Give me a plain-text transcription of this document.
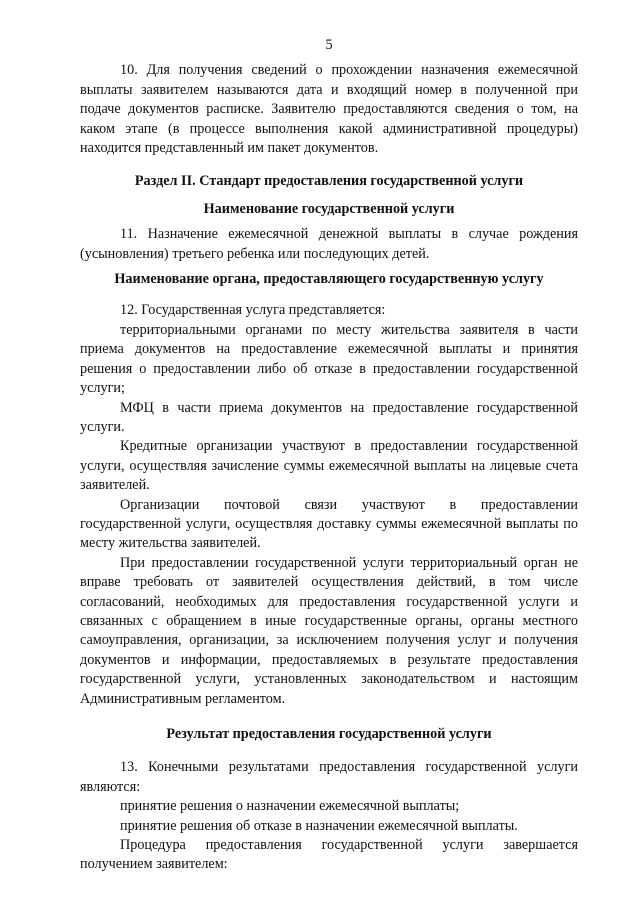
5

10. Для получения сведений о прохождении назначения ежемесячной выплаты заявителем называются дата и входящий номер в полученной при подаче документов расписке. Заявителю предоставляются сведения о том, на каком этапе (в процессе выполнения какой административной процедуры) находится представленный им пакет документов.

Раздел II. Стандарт предоставления государственной услуги

Наименование государственной услуги

11. Назначение ежемесячной денежной выплаты в случае рождения (усыновления) третьего ребенка или последующих детей.

Наименование органа, предоставляющего государственную услугу

12. Государственная услуга представляется:

территориальными органами по месту жительства заявителя в части приема документов на предоставление ежемесячной выплаты и принятия решения о предоставлении либо об отказе в предоставлении государственной услуги;

МФЦ в части приема документов на предоставление государственной услуги.

Кредитные организации участвуют в предоставлении государственной услуги, осуществляя зачисление суммы ежемесячной выплаты на лицевые счета заявителей.

Организации почтовой связи участвуют в предоставлении
государственной услуги, осуществляя доставку суммы ежемесячной выплаты по месту жительства заявителей.

При предоставлении государственной услуги территориальный орган не вправе требовать от заявителей осуществления действий, в том числе согласований, необходимых для предоставления государственной услуги и связанных с обращением в иные государственные органы, органы местного самоуправления, организации, за исключением получения услуг и получения документов и информации, предоставляемых в результате предоставления государственной услуги, установленных законодательством и настоящим Административным регламентом.

Результат предоставления государственной услуги

13. Конечными результатами предоставления государственной услуги являются:

принятие решения о назначении ежемесячной выплаты;

принятие решения об отказе в назначении ежемесячной выплаты.

Процедура предоставления государственной услуги завершается получением заявителем:
